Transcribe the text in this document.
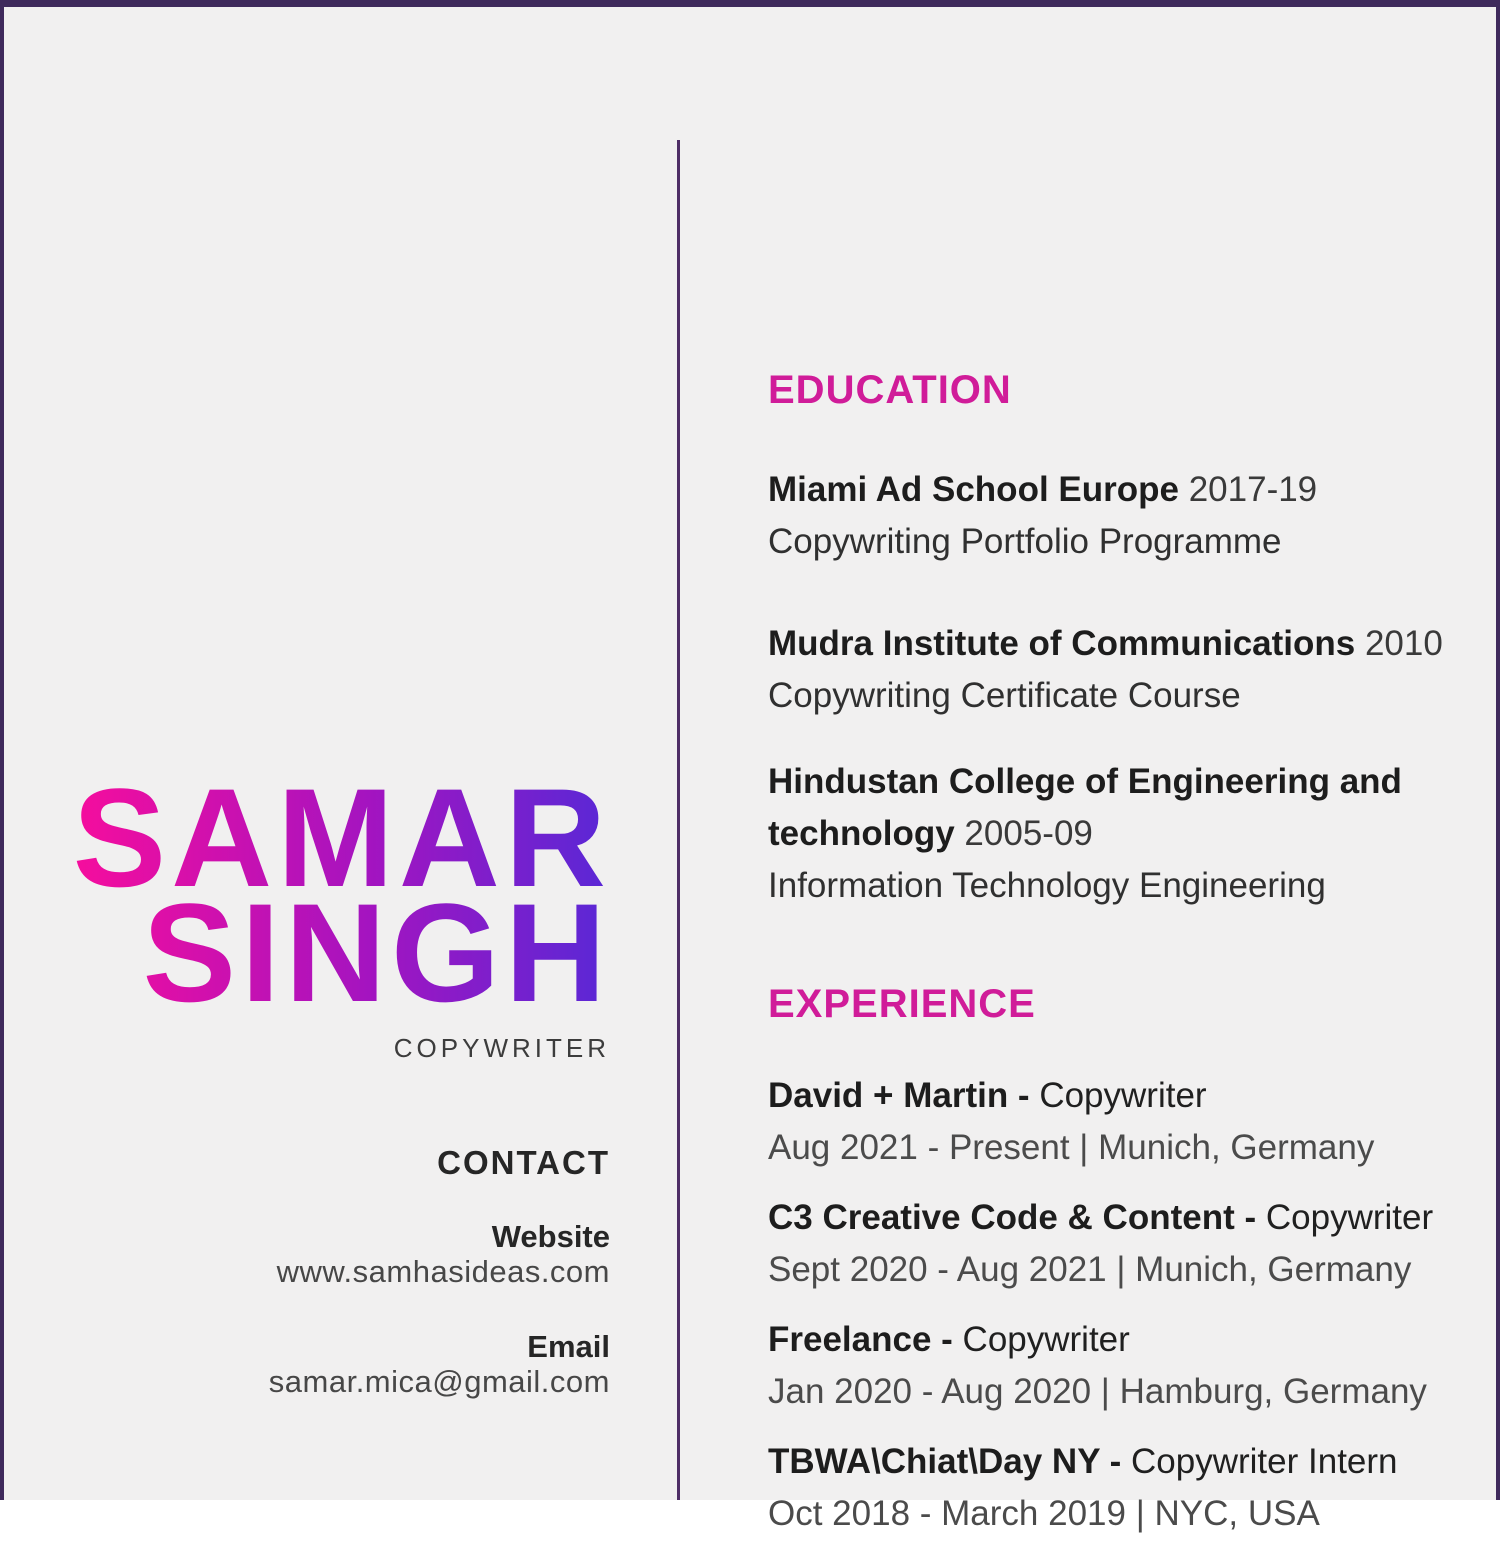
SAMAR
SINGH
COPYWRITER
CONTACT
Website
www.samhasideas.com
Email
samar.mica@gmail.com
EDUCATION
Miami Ad School Europe 2017-19
Copywriting Portfolio Programme
Mudra Institute of Communications 2010
Copywriting Certificate Course
Hindustan College of Engineering and technology 2005-09
Information Technology Engineering
EXPERIENCE
David + Martin - Copywriter
Aug 2021 - Present | Munich, Germany
C3 Creative Code & Content - Copywriter
Sept 2020 - Aug 2021 | Munich, Germany
Freelance - Copywriter
Jan 2020 - Aug 2020 | Hamburg, Germany
TBWA\Chiat\Day NY - Copywriter Intern
Oct 2018 - March 2019 | NYC, USA
